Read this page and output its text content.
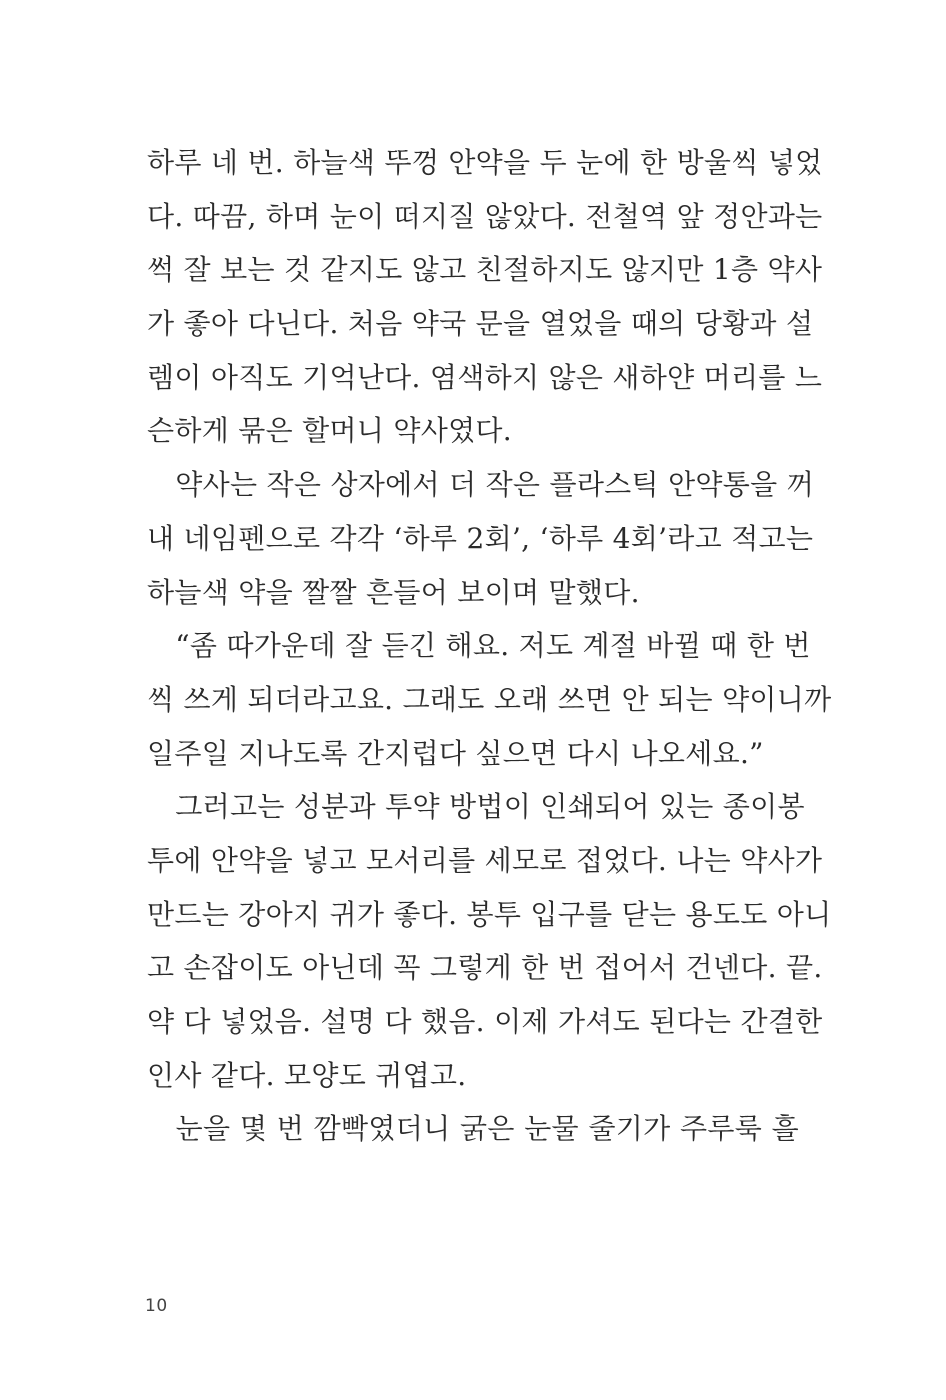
하루 네 번. 하늘색 뚜껑 안약을 두 눈에 한 방울씩 넣었
다. 따끔, 하며 눈이 떠지질 않았다. 전철역 앞 정안과는
썩 잘 보는 것 같지도 않고 친절하지도 않지만 1층 약사
가 좋아 다닌다. 처음 약국 문을 열었을 때의 당황과 설
렘이 아직도 기억난다. 염색하지 않은 새하얀 머리를 느
슨하게 묶은 할머니 약사였다.
　약사는 작은 상자에서 더 작은 플라스틱 안약통을 꺼
내 네임펜으로 각각 ‘하루 2회’, ‘하루 4회’라고 적고는
하늘색 약을 짤짤 흔들어 보이며 말했다.
　“좀 따가운데 잘 듣긴 해요. 저도 계절 바뀔 때 한 번
씩 쓰게 되더라고요. 그래도 오래 쓰면 안 되는 약이니까
일주일 지나도록 간지럽다 싶으면 다시 나오세요.”
　그러고는 성분과 투약 방법이 인쇄되어 있는 종이봉
투에 안약을 넣고 모서리를 세모로 접었다. 나는 약사가
만드는 강아지 귀가 좋다. 봉투 입구를 닫는 용도도 아니
고 손잡이도 아닌데 꼭 그렇게 한 번 접어서 건넨다. 끝.
약 다 넣었음. 설명 다 했음. 이제 가셔도 된다는 간결한
인사 같다. 모양도 귀엽고.
　눈을 몇 번 깜빡였더니 굵은 눈물 줄기가 주루룩 흘
10
